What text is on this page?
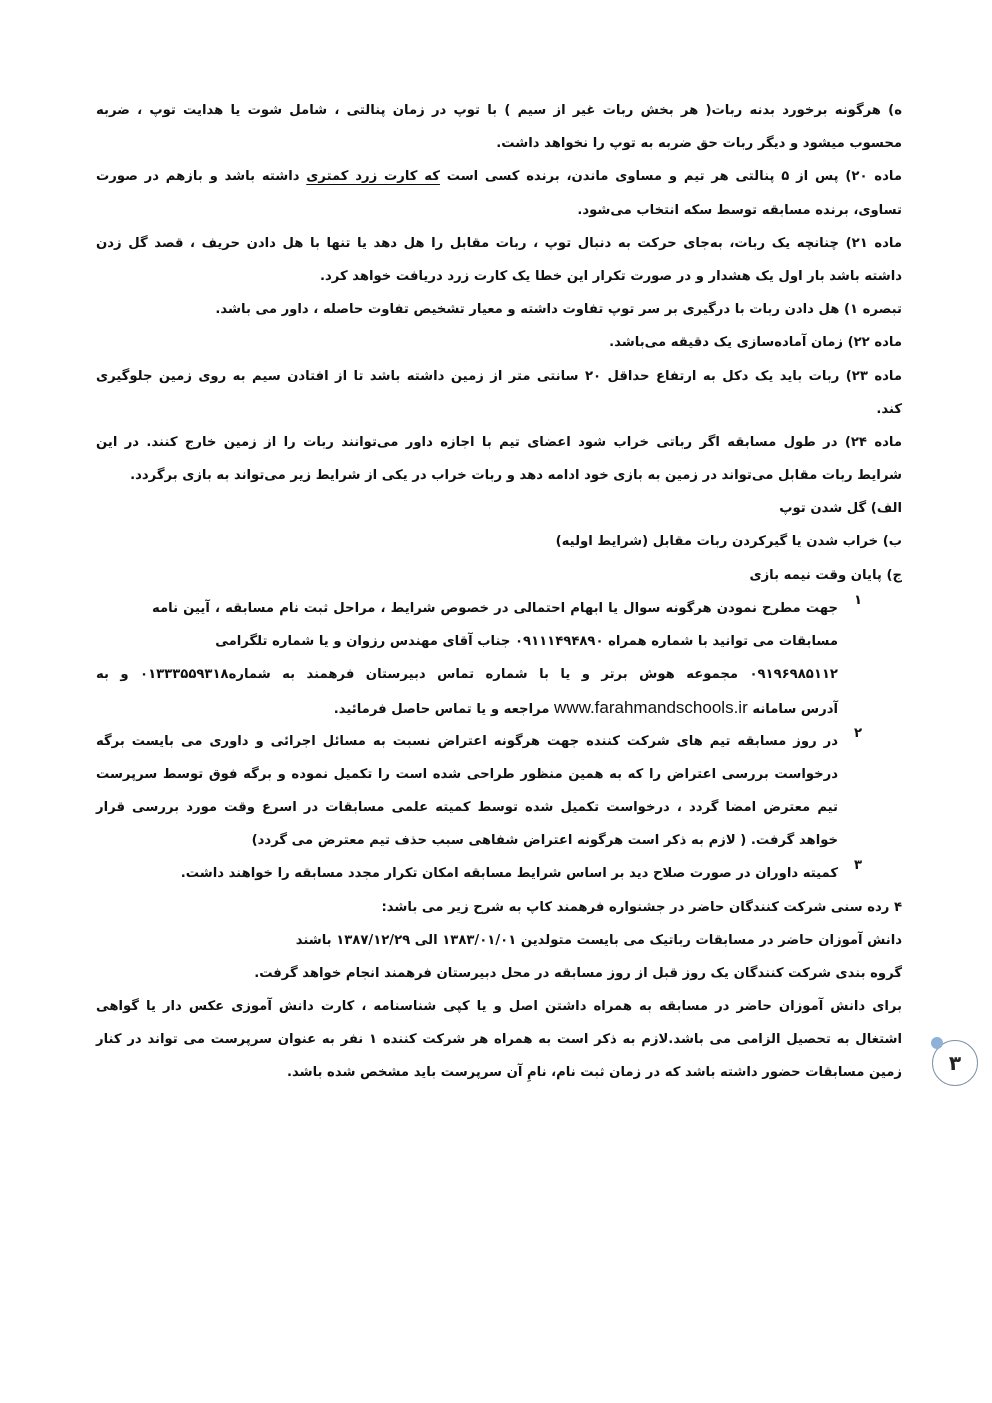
ه) هرگونه برخورد بدنه ربات( هر بخش ربات غیر از سیم ) با توپ در زمان پنالتی ، شامل شوت یا هدایت توپ ، ضربه
محسوب میشود و دیگر ربات حق ضربه به توپ را نخواهد داشت.
ماده ۲۰) پس از ۵ پنالتی هر تیم و مساوی ماندن، برنده کسی است که کارت زرد کمتری داشته باشد و بازهم در صورت
تساوی، برنده مسابقه توسط سکه انتخاب می‌شود.
ماده ۲۱) چنانچه یک ربات، به‌جای حرکت به دنبال توپ ، ربات مقابل را هل دهد یا تنها با هل دادن حریف ، قصد گل زدن
داشته باشد بار اول یک هشدار و در صورت تکرار این خطا یک کارت زرد دریافت خواهد کرد.
تبصره ۱) هل دادن ربات با درگیری بر سر توپ تفاوت داشته و معیار تشخیص تفاوت حاصله ، داور می باشد.
ماده ۲۲) زمان آماده‌سازی یک دقیقه می‌باشد.
ماده ۲۳) ربات باید یک دکل به ارتفاع حداقل ۲۰ سانتی متر از زمین داشته باشد تا از افتادن سیم به روی زمین جلوگیری
کند.
ماده ۲۴) در طول مسابقه اگر رباتی خراب شود اعضای تیم با اجازه داور می‌توانند ربات را از زمین خارج کنند. در این
شرایط ربات مقابل می‌تواند در زمین به بازی خود ادامه دهد و ربات خراب در یکی از شرایط زیر می‌تواند به بازی برگردد.
الف) گل شدن توپ
ب) خراب شدن یا گیرکردن ربات مقابل (شرایط اولیه)
ج) پایان وقت نیمه بازی
۱
جهت مطرح نمودن هرگونه سوال یا ابهام احتمالی در خصوص شرایط ، مراحل ثبت نام مسابقه ، آیین نامه
مسابقات می توانید با شماره همراه ۰۹۱۱۱۴۹۴۸۹۰ جناب آقای مهندس رزوان و یا شماره تلگرامی
۰۹۱۹۶۹۸۵۱۱۲ مجموعه هوش برتر و یا با شماره تماس دبیرستان فرهمند به شماره۰۱۳۳۳۵۵۹۳۱۸ و به
آدرس سامانه www.farahmandschools.ir مراجعه و یا تماس حاصل فرمائید.
۲
در روز مسابقه تیم های شرکت کننده جهت هرگونه اعتراض نسبت به مسائل اجرائی و داوری می بایست برگه
درخواست بررسی اعتراض را که به همین منظور طراحی شده است را تکمیل نموده و برگه فوق توسط سرپرست
تیم معترض امضا گردد ، درخواست تکمیل شده توسط کمیته علمی مسابقات در اسرع وقت مورد بررسی قرار
خواهد گرفت. ( لازم به ذکر است هرگونه اعتراض شفاهی سبب حذف تیم معترض می گردد)
۳
کمیته داوران در صورت صلاح دید بر اساس شرایط مسابقه امکان تکرار مجدد مسابقه را خواهند داشت.
۴ رده سنی شرکت کنندگان حاضر در جشنواره فرهمند کاپ به شرح زیر می باشد:
دانش آموزان حاضر در مسابقات رباتیک می بایست متولدین ۱۳۸۳/۰۱/۰۱ الی ۱۳۸۷/۱۲/۲۹ باشند
گروه بندی شرکت کنندگان یک روز قبل از روز مسابقه در محل دبیرستان فرهمند انجام خواهد گرفت.
برای دانش آموزان حاضر در مسابقه به همراه داشتن اصل و یا کپی شناسنامه ، کارت دانش آموزی عکس دار یا گواهی
اشتغال به تحصیل الزامی می باشد.لازم به ذکر است به همراه هر شرکت کننده ۱ نفر به عنوان سرپرست می تواند در کنار
زمین مسابقات حضور داشته باشد که در زمان ثبت نام، نامِ آن سرپرست باید مشخص شده باشد.	۳
